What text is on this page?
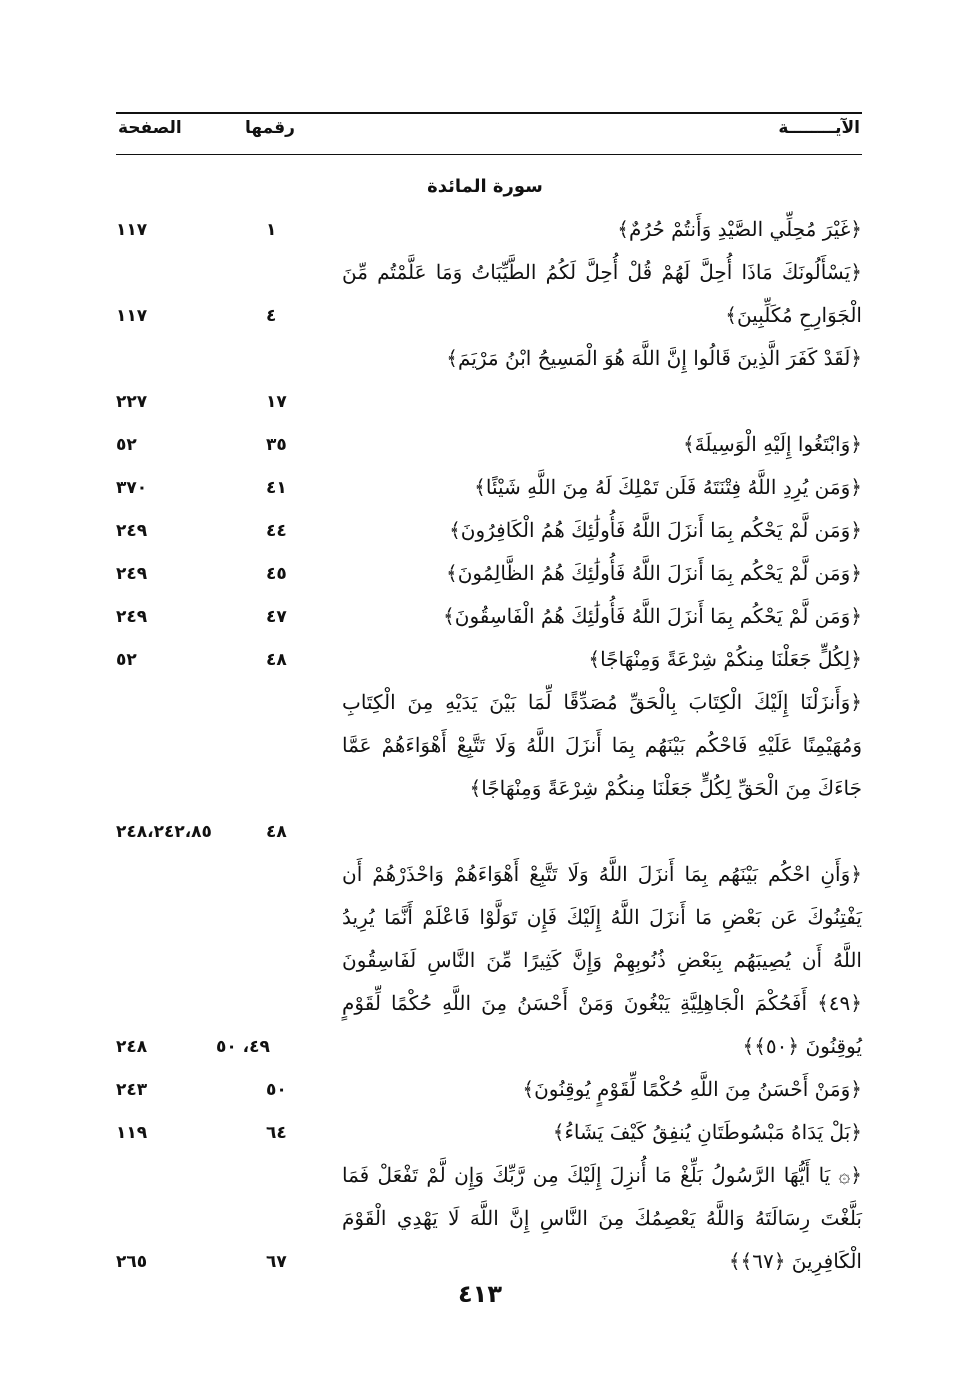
الآيــــــــة
رقمها
الصفحة
سورة المائدة
﴿غَيْرَ مُحِلِّي الصَّيْدِ وَأَنتُمْ حُرُمٌ﴾
١
١١٧
﴿يَسْأَلُونَكَ مَاذَا أُحِلَّ لَهُمْ قُلْ أُحِلَّ لَكُمُ الطَّيِّبَاتُ وَمَا عَلَّمْتُم مِّنَ الْجَوَارِحِ مُكَلِّبِينَ﴾
٤
١١٧
﴿لَقَدْ كَفَرَ الَّذِينَ قَالُوا إِنَّ اللَّهَ هُوَ الْمَسِيحُ ابْنُ مَرْيَمَ﴾
١٧
٢٢٧
﴿وَابْتَغُوا إِلَيْهِ الْوَسِيلَةَ﴾
٣٥
٥٢
﴿وَمَن يُرِدِ اللَّهُ فِتْنَتَهُ فَلَن تَمْلِكَ لَهُ مِنَ اللَّهِ شَيْئًا﴾
٤١
٣٧٠
﴿وَمَن لَّمْ يَحْكُم بِمَا أَنزَلَ اللَّهُ فَأُولَٰئِكَ هُمُ الْكَافِرُونَ﴾
٤٤
٢٤٩
﴿وَمَن لَّمْ يَحْكُم بِمَا أَنزَلَ اللَّهُ فَأُولَٰئِكَ هُمُ الظَّالِمُونَ﴾
٤٥
٢٤٩
﴿وَمَن لَّمْ يَحْكُم بِمَا أَنزَلَ اللَّهُ فَأُولَٰئِكَ هُمُ الْفَاسِقُونَ﴾
٤٧
٢٤٩
﴿لِكُلٍّ جَعَلْنَا مِنكُمْ شِرْعَةً وَمِنْهَاجًا﴾
٤٨
٥٢
﴿وَأَنزَلْنَا إِلَيْكَ الْكِتَابَ بِالْحَقِّ مُصَدِّقًا لِّمَا بَيْنَ يَدَيْهِ مِنَ الْكِتَابِ وَمُهَيْمِنًا عَلَيْهِ فَاحْكُم بَيْنَهُم بِمَا أَنزَلَ اللَّهُ وَلَا تَتَّبِعْ أَهْوَاءَهُمْ عَمَّا جَاءَكَ مِنَ الْحَقِّ لِكُلٍّ جَعَلْنَا مِنكُمْ شِرْعَةً وَمِنْهَاجًا﴾
٤٨
٢٤٨،٢٤٢،٨٥
﴿وَأَنِ احْكُم بَيْنَهُم بِمَا أَنزَلَ اللَّهُ وَلَا تَتَّبِعْ أَهْوَاءَهُمْ وَاحْذَرْهُمْ أَن يَفْتِنُوكَ عَن بَعْضِ مَا أَنزَلَ اللَّهُ إِلَيْكَ فَإِن تَوَلَّوْا فَاعْلَمْ أَنَّمَا يُرِيدُ اللَّهُ أَن يُصِيبَهُم بِبَعْضِ ذُنُوبِهِمْ وَإِنَّ كَثِيرًا مِّنَ النَّاسِ لَفَاسِقُونَ ﴿٤٩﴾ أَفَحُكْمَ الْجَاهِلِيَّةِ يَبْغُونَ وَمَنْ أَحْسَنُ مِنَ اللَّهِ حُكْمًا لِّقَوْمٍ يُوقِنُونَ ﴿٥٠﴾﴾
٤٩، ٥٠
٢٤٨
﴿وَمَنْ أَحْسَنُ مِنَ اللَّهِ حُكْمًا لِّقَوْمٍ يُوقِنُونَ﴾
٥٠
٢٤٣
﴿بَلْ يَدَاهُ مَبْسُوطَتَانِ يُنفِقُ كَيْفَ يَشَاءُ﴾
٦٤
١١٩
﴿۞ يَا أَيُّهَا الرَّسُولُ بَلِّغْ مَا أُنزِلَ إِلَيْكَ مِن رَّبِّكَ وَإِن لَّمْ تَفْعَلْ فَمَا بَلَّغْتَ رِسَالَتَهُ وَاللَّهُ يَعْصِمُكَ مِنَ النَّاسِ إِنَّ اللَّهَ لَا يَهْدِي الْقَوْمَ الْكَافِرِينَ ﴿٦٧﴾﴾
٦٧
٢٦٥
٤١٣
